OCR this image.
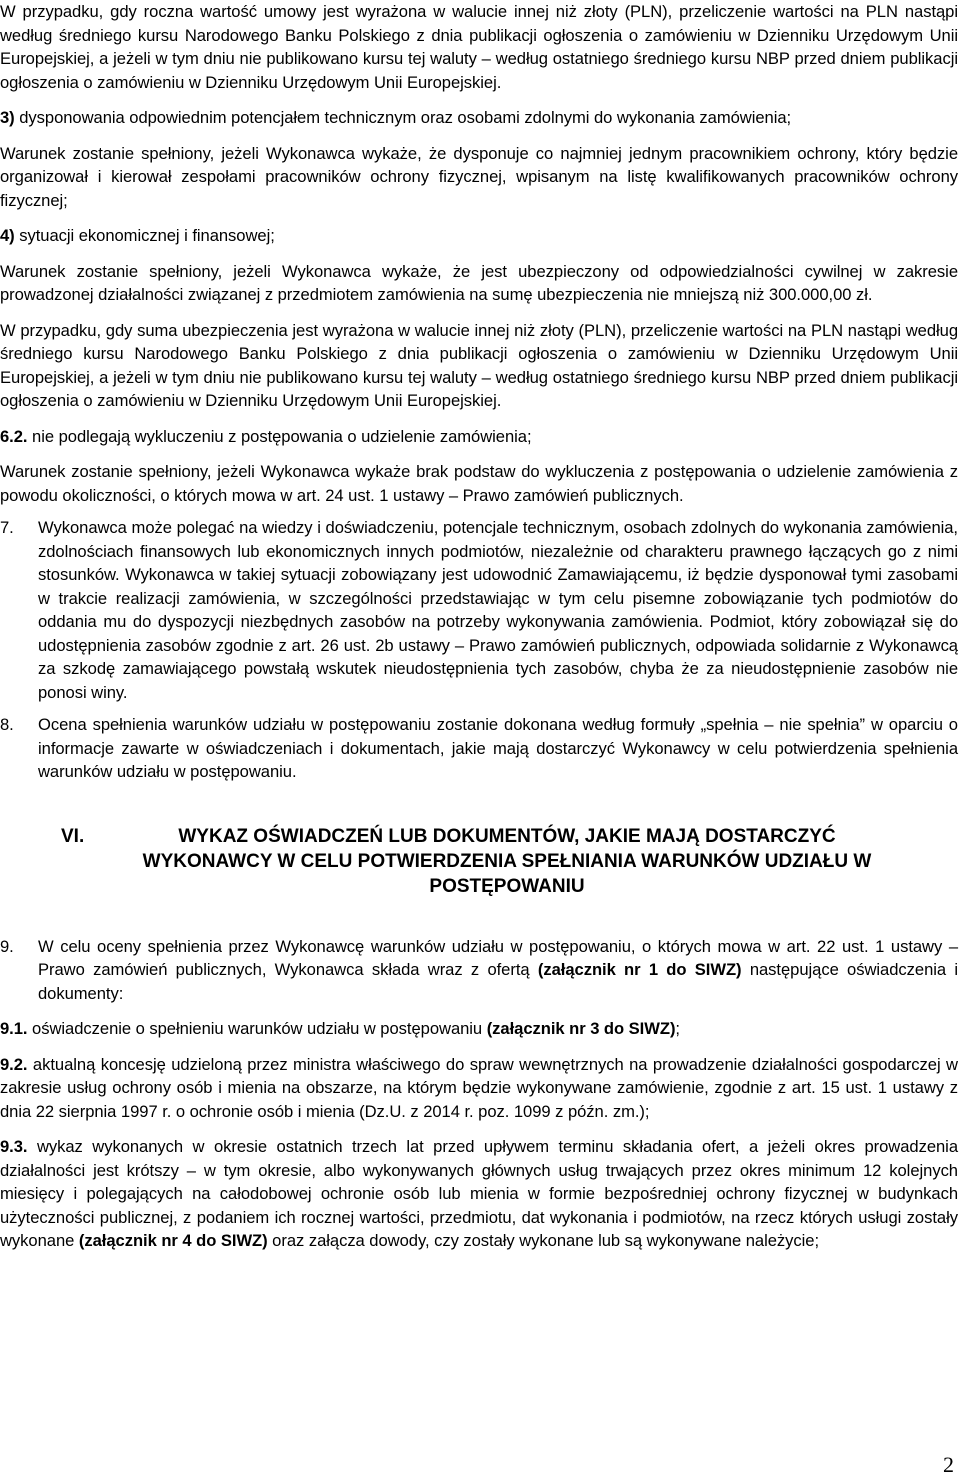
W przypadku, gdy roczna wartość umowy jest wyrażona w walucie innej niż złoty (PLN), przeliczenie wartości na PLN nastąpi według średniego kursu Narodowego Banku Polskiego z dnia publikacji ogłoszenia o zamówieniu w Dzienniku Urzędowym Unii Europejskiej, a jeżeli w tym dniu nie publikowano kursu tej waluty – według ostatniego średniego kursu NBP przed dniem publikacji ogłoszenia o zamówieniu w Dzienniku Urzędowym Unii Europejskiej.

3) dysponowania odpowiednim potencjałem technicznym oraz osobami zdolnymi do wykonania zamówienia;

Warunek zostanie spełniony, jeżeli Wykonawca wykaże, że dysponuje co najmniej jednym pracownikiem ochrony, który będzie organizował i kierował zespołami pracowników ochrony fizycznej, wpisanym na listę kwalifikowanych pracowników ochrony fizycznej;

4) sytuacji ekonomicznej i finansowej;

Warunek zostanie spełniony, jeżeli Wykonawca wykaże, że jest ubezpieczony od odpowiedzialności cywilnej w zakresie prowadzonej działalności związanej z przedmiotem zamówienia na sumę ubezpieczenia nie mniejszą niż 300.000,00 zł.

W przypadku, gdy suma ubezpieczenia jest wyrażona w walucie innej niż złoty (PLN), przeliczenie wartości na PLN nastąpi według średniego kursu Narodowego Banku Polskiego z dnia publikacji ogłoszenia o zamówieniu w Dzienniku Urzędowym Unii Europejskiej, a jeżeli w tym dniu nie publikowano kursu tej waluty – według ostatniego średniego kursu NBP przed dniem publikacji ogłoszenia o zamówieniu w Dzienniku Urzędowym Unii Europejskiej.

6.2. nie podlegają wykluczeniu z postępowania o udzielenie zamówienia;

Warunek zostanie spełniony, jeżeli Wykonawca wykaże brak podstaw do wykluczenia z postępowania o udzielenie zamówienia z powodu okoliczności, o których mowa w art. 24 ust. 1 ustawy – Prawo zamówień publicznych.

7.	Wykonawca może polegać na wiedzy i doświadczeniu, potencjale technicznym, osobach zdolnych do wykonania zamówienia, zdolnościach finansowych lub ekonomicznych innych podmiotów, niezależnie od charakteru prawnego łączących go z nimi stosunków. Wykonawca w takiej sytuacji zobowiązany jest udowodnić Zamawiającemu, iż będzie dysponował tymi zasobami w trakcie realizacji zamówienia, w szczególności przedstawiając w tym celu pisemne zobowiązanie tych podmiotów do oddania mu do dyspozycji niezbędnych zasobów na potrzeby wykonywania zamówienia. Podmiot, który zobowiązał się do udostępnienia zasobów zgodnie z art. 26 ust. 2b ustawy – Prawo zamówień publicznych, odpowiada solidarnie z Wykonawcą za szkodę zamawiającego powstałą wskutek nieudostępnienia tych zasobów, chyba że za nieudostępnienie zasobów nie ponosi winy.

8.	Ocena spełnienia warunków udziału w postępowaniu zostanie dokonana według formuły „spełnia – nie spełnia” w oparciu o informacje zawarte w oświadczeniach i dokumentach, jakie mają dostarczyć Wykonawcy w celu potwierdzenia spełnienia warunków udziału w postępowaniu.

VI.	WYKAZ OŚWIADCZEŃ LUB DOKUMENTÓW, JAKIE MAJĄ DOSTARCZYĆ WYKONAWCY W CELU POTWIERDZENIA SPEŁNIANIA WARUNKÓW UDZIAŁU W POSTĘPOWANIU

9.	W celu oceny spełnienia przez Wykonawcę warunków udziału w postępowaniu, o których mowa w art. 22 ust. 1 ustawy – Prawo zamówień publicznych, Wykonawca składa wraz z ofertą (załącznik nr 1 do SIWZ) następujące oświadczenia i dokumenty:

9.1. oświadczenie o spełnieniu warunków udziału w postępowaniu (załącznik nr 3 do SIWZ);

9.2. aktualną koncesję udzieloną przez ministra właściwego do spraw wewnętrznych na prowadzenie działalności gospodarczej w zakresie usług ochrony osób i mienia na obszarze, na którym będzie wykonywane zamówienie, zgodnie z art. 15 ust. 1 ustawy z dnia 22 sierpnia 1997 r. o ochronie osób i mienia (Dz.U. z 2014 r. poz. 1099 z późn. zm.);

9.3. wykaz wykonanych w okresie ostatnich trzech lat przed upływem terminu składania ofert, a jeżeli okres prowadzenia działalności jest krótszy – w tym okresie, albo wykonywanych głównych usług trwających przez okres minimum 12 kolejnych miesięcy i polegających na całodobowej ochronie osób lub mienia w formie bezpośredniej ochrony fizycznej w budynkach użyteczności publicznej, z podaniem ich rocznej wartości, przedmiotu, dat wykonania i podmiotów, na rzecz których usługi zostały wykonane (załącznik nr 4 do SIWZ) oraz załącza dowody, czy zostały wykonane lub są wykonywane należycie;

2
